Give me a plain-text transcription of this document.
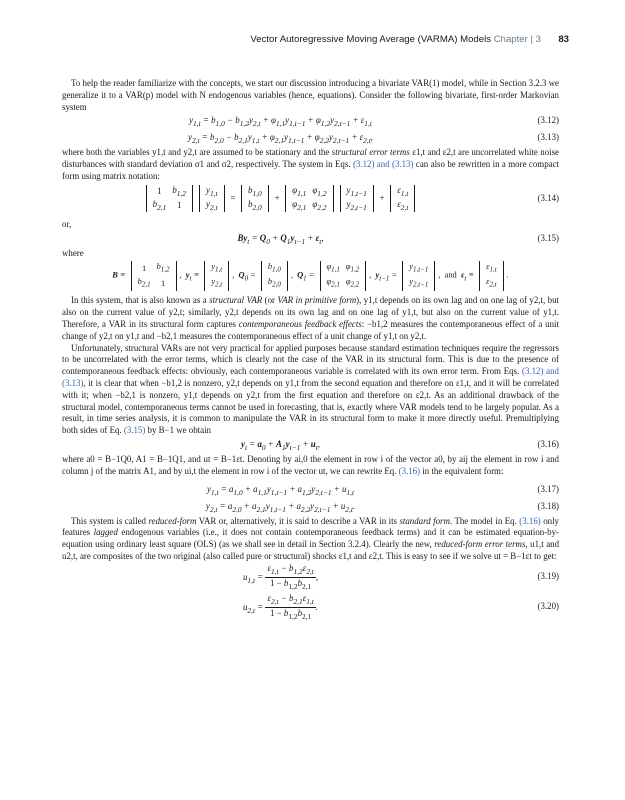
Vector Autoregressive Moving Average (VARMA) Models Chapter | 3 83

To help the reader familiarize with the concepts, we start our discussion introducing a bivariate VAR(1) model, while in Section 3.2.3 we generalize it to a VAR(p) model with N endogenous variables (hence, equations). Consider the following bivariate, first-order Markovian system

$y_{1,t} = b_{1,0} - b_{1,2}y_{2,t} + \varphi_{1,1}y_{1,t-1} + \varphi_{1,2}y_{2,t-1} + \varepsilon_{1,t}$	(3.12)
$y_{2,t} = b_{2,0} - b_{2,1}y_{1,t} + \varphi_{2,1}y_{1,t-1} + \varphi_{2,2}y_{2,t-1} + \varepsilon_{2,t}$,	(3.13)

where both the variables y1,t and y2,t are assumed to be stationary and the structural error terms ε1,t and ε2,t are uncorrelated white noise disturbances with standard deviation σ1 and σ2, respectively. The system in Eqs. (3.12) and (3.13) can also be rewritten in a more compact form using matrix notation:

1	$b_{1,2}$
$b_{2,1}$	1
$y_{1,t}$
$y_{2,t}$
=
$b_{1,0}$
$b_{2,0}$
+
$\varphi_{1,1}$	$\varphi_{1,2}$
$\varphi_{2,1}$	$\varphi_{2,2}$
$y_{1,t-1}$
$y_{2,t-1}$
+
$\varepsilon_{1,t}$
$\varepsilon_{2,t}$
(3.14)

or,

$By_t = Q_0 + Q_1y_{t-1} + \varepsilon_t$,	(3.15)

where

B ≡
1	$b_{1,2}$
$b_{2,1}$	1
,  $y_t$ ≡
$y_{1,t}$
$y_{2,t}$
,  $Q_0$ =
$b_{1,0}$
$b_{2,0}$
,  $Q_1$ =
$\varphi_{1,1}$	$\varphi_{1,2}$
$\varphi_{2,1}$	$\varphi_{2,2}$
,  $y_{t-1}$ =
$y_{1,t-1}$
$y_{2,t-1}$
,  and $\varepsilon_t$ ≡
$\varepsilon_{1,t}$
$\varepsilon_{2,t}$
.

In this system, that is also known as a structural VAR (or VAR in primitive form), y1,t depends on its own lag and on one lag of y2,t, but also on the current value of y2,t; similarly, y2,t depends on its own lag and on one lag of y1,t, but also on the current value of y1,t. Therefore, a VAR in its structural form captures contemporaneous feedback effects: −b1,2 measures the contemporaneous effect of a unit change of y2,t on y1,t and −b2,1 measures the contemporaneous effect of a unit change of y1,t on y2,t.

Unfortunately, structural VARs are not very practical for applied purposes because standard estimation techniques require the regressors to be uncorrelated with the error terms, which is clearly not the case of the VAR in its structural form. This is due to the presence of contemporaneous feedback effects: obviously, each contemporaneous variable is correlated with its own error term. From Eqs. (3.12) and (3.13), it is clear that when −b1,2 is nonzero, y2,t depends on y1,t from the second equation and therefore on ε1,t, and it will be correlated with it; when −b2,1 is nonzero, y1,t depends on y2,t from the first equation and therefore on ε2,t. As an additional drawback of the structural model, contemporaneous terms cannot be used in forecasting, that is, exactly where VAR models tend to be largely popular. As a result, in time series analysis, it is common to manipulate the VAR in its structural form to make it more directly useful. Premultiplying both sides of Eq. (3.15) by B−1 we obtain

$y_t = a_0 + A_1y_{t-1} + u_t$,	(3.16)

where a0 = B−1Q0, A1 = B−1Q1, and ut = B−1εt. Denoting by ai,0 the element in row i of the vector a0, by aij the element in row i and column j of the matrix A1, and by ui,t the element in row i of the vector ut, we can rewrite Eq. (3.16) in the equivalent form:

$y_{1,t} = a_{1,0} + a_{1,1}y_{1,t-1} + a_{1,2}y_{2,t-1} + u_{1,t}$	(3.17)
$y_{2,t} = a_{2,0} + a_{2,1}y_{1,t-1} + a_{2,2}y_{2,t-1} + u_{2,t}$.	(3.18)

This system is called reduced-form VAR or, alternatively, it is said to describe a VAR in its standard form. The model in Eq. (3.16) only features lagged endogenous variables (i.e., it does not contain contemporaneous feedback terms) and it can be estimated equation-by-equation using ordinary least square (OLS) (as we shall see in detail in Section 3.2.4). Clearly the new, reduced-form error terms, u1,t and u2,t, are composites of the two original (also called pure or structural) shocks ε1,t and ε2,t. This is easy to see if we solve ut = B−1εt to get:

$u_{1,t} = \frac{\varepsilon_{1,t} - b_{1,2}\varepsilon_{2,t}}{1 - b_{1,2}b_{2,1}}$ ,	(3.19)
$u_{2,t} = \frac{\varepsilon_{2,t} - b_{2,1}\varepsilon_{1,t}}{1 - b_{1,2}b_{2,1}}$ .	(3.20)
